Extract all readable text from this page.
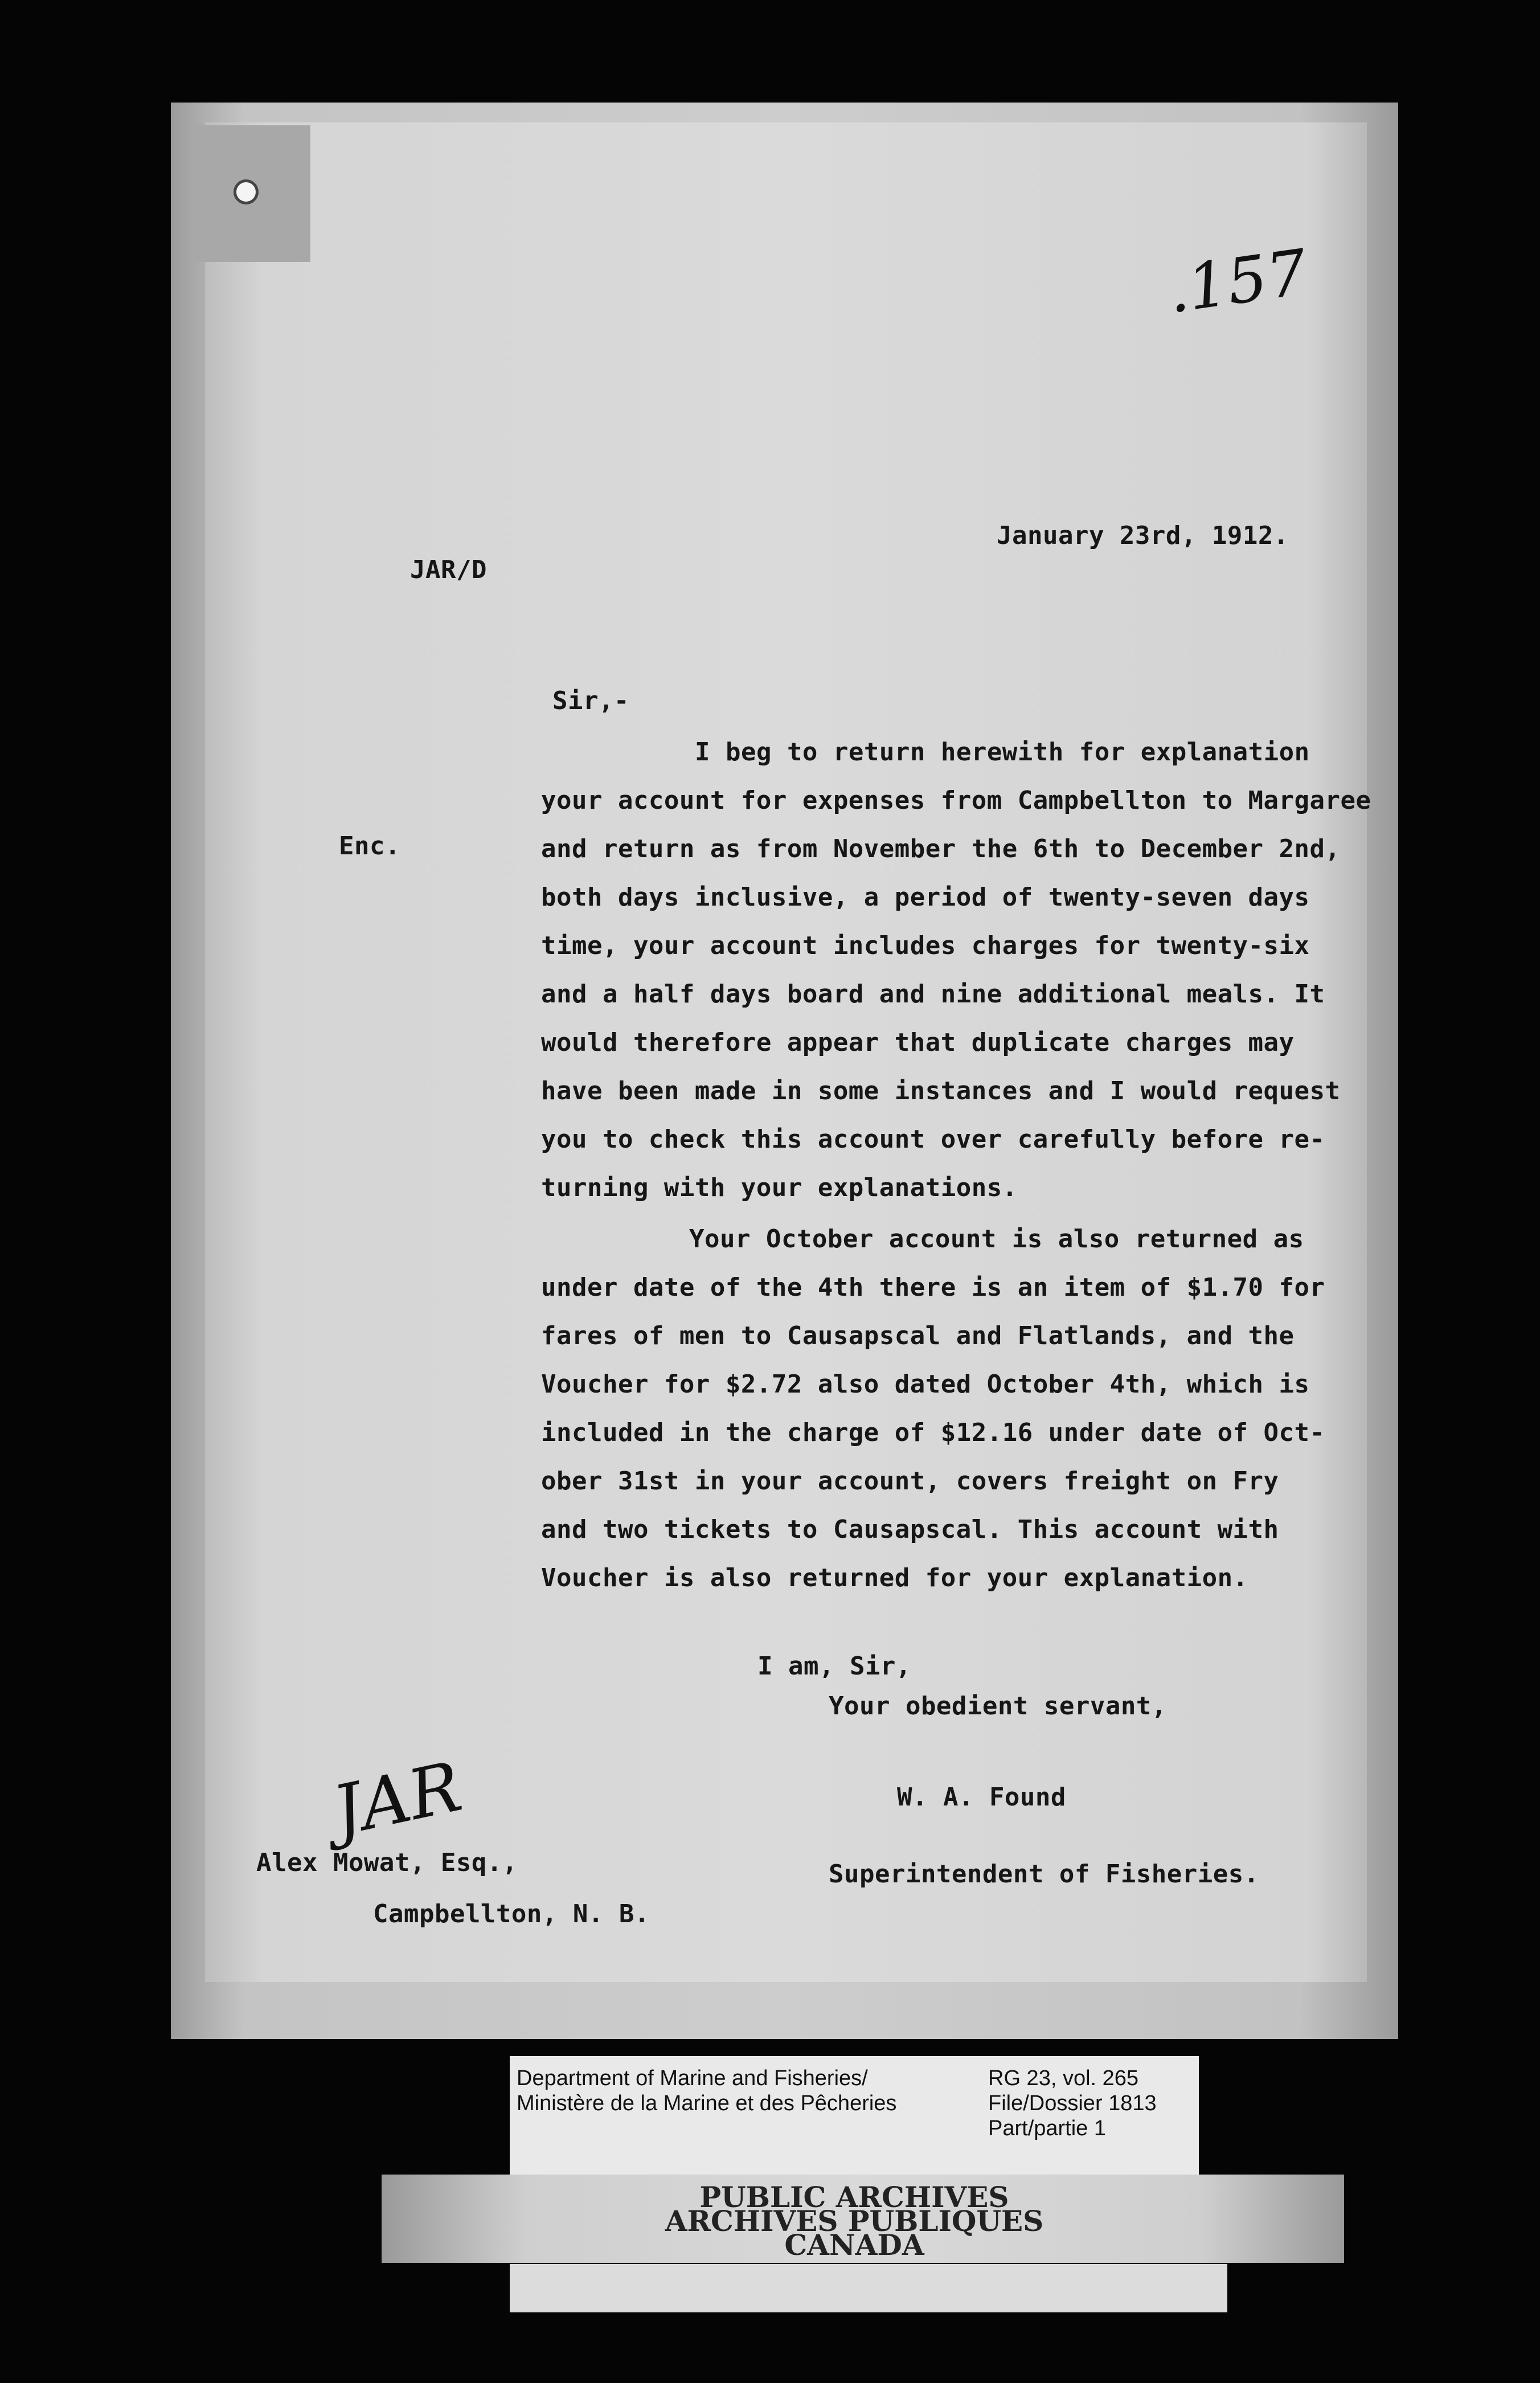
.157
January 23rd, 1912.
JAR/D
Sir,-
Enc.
I beg to return herewith for explanation
your account for expenses from Campbellton to Margaree
and return as from November the 6th to December 2nd,
both days inclusive, a period of twenty-seven days
time, your account includes charges for twenty-six
and a half days board and nine additional meals. It
would therefore appear that duplicate charges may
have been made in some instances and I would request
you to check this account over carefully before re-
turning with your explanations.
Your October account is also returned as
under date of the 4th there is an item of $1.70 for
fares of men to Causapscal and Flatlands, and the
Voucher for $2.72 also dated October 4th, which is
included in the charge of $12.16 under date of Oct-
ober 31st in your account, covers freight on Fry
and two tickets to Causapscal. This account with
Voucher is also returned for your explanation.
I am, Sir,
Your obedient servant,
W. A. Found
Superintendent of Fisheries.
Alex Mowat, Esq.,
Campbellton, N. B.
JAR
Department of Marine and Fisheries/
Ministère de la Marine et des Pêcheries
RG 23, vol. 265
File/Dossier 1813
Part/partie 1
PUBLIC ARCHIVES
ARCHIVES PUBLIQUES
CANADA
